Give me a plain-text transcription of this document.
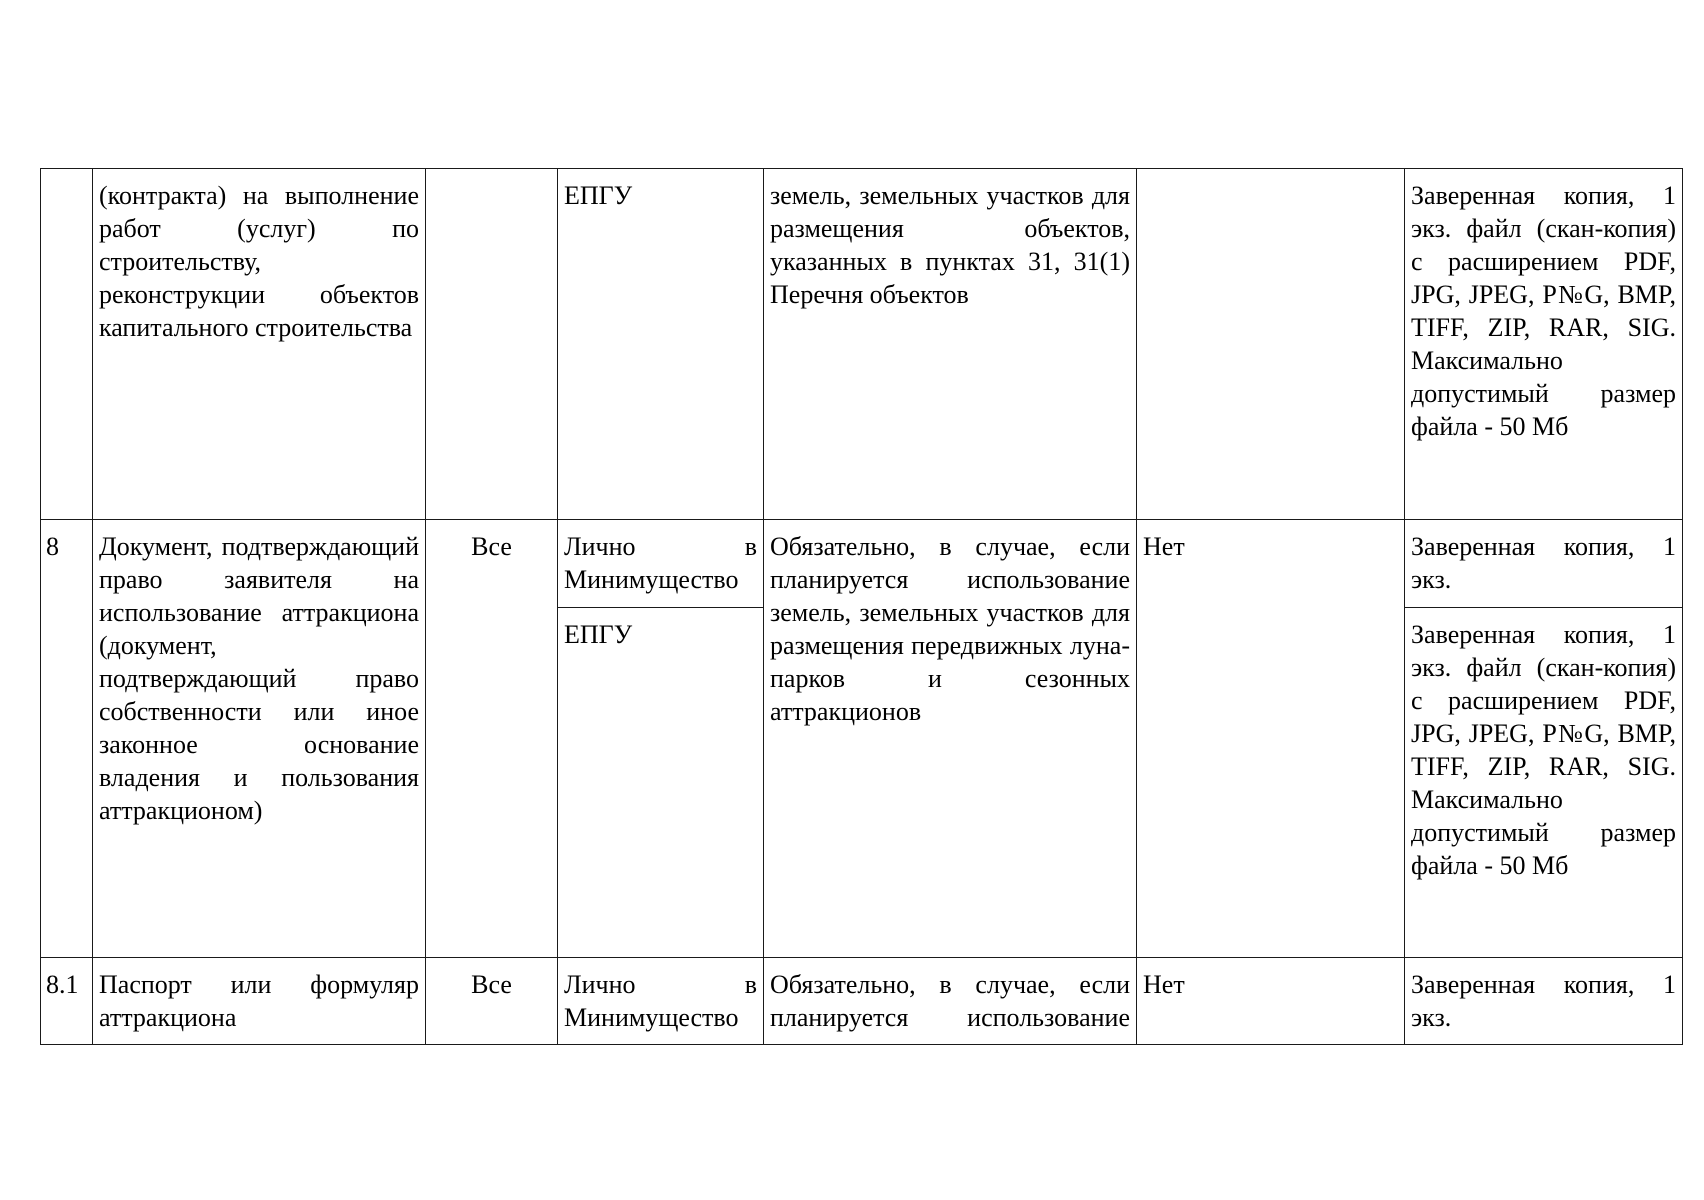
	(контракта) на выполнение работ (услуг) по строительству, реконструкции объектов капитального строительства		ЕПГУ	земель, земельных участков для размещения объектов, указанных в пунктах 31, 31(1) Перечня объектов		Заверенная копия, 1 экз. файл (скан-копия) с расширением PDF, JPG, JPEG, P№G, BMP, TIFF, ZIP, RAR, SIG. Максимально допустимый размер файла - 50 Мб
8	Документ, подтверждающий право заявителя на использование аттракциона (документ, подтверждающий право собственности или иное законное основание владения и пользования аттракционом)	Все	Лично в Минимущество	Обязательно, в случае, если планируется использование земель, земельных участков для размещения передвижных луна-парков и сезонных аттракционов	Нет	Заверенная копия, 1 экз.
			ЕПГУ			Заверенная копия, 1 экз. файл (скан-копия) с расширением PDF, JPG, JPEG, P№G, BMP, TIFF, ZIP, RAR, SIG. Максимально допустимый размер файла - 50 Мб
8.1	Паспорт или формуляр аттракциона	Все	Лично в Минимущество	Обязательно, в случае, если планируется использование	Нет	Заверенная копия, 1 экз.
